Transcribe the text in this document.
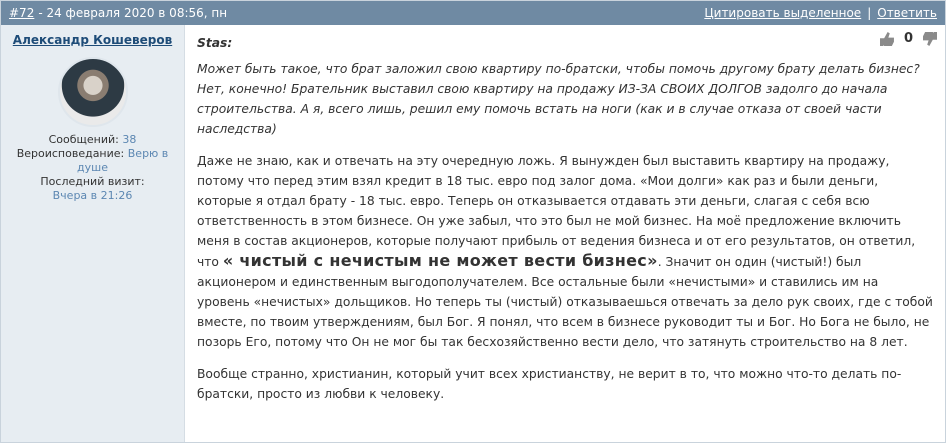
#72 - 24 февраля 2020 в 08:56, пн	Цитировать выделенное | Ответить
Александр Кошеверов
Сообщений: 38
Вероисповедание: Верю в душе
Последний визит:
Вчера в 21:26
0
Stas:
Может быть такое, что брат заложил свою квартиру по-братски, чтобы помочь другому брату делать бизнес? Нет, конечно! Брательник выставил свою квартиру на продажу ИЗ-ЗА СВОИХ ДОЛГОВ задолго до начала строительства. А я, всего лишь, решил ему помочь встать на ноги (как и в случае отказа от своей части наследства)

Даже не знаю, как и отвечать на эту очередную ложь. Я вынужден был выставить квартиру на продажу, потому что перед этим взял кредит в 18 тыс. евро под залог дома. «Мои долги» как раз и были деньги, которые я отдал брату - 18 тыс. евро. Теперь он отказывается отдавать эти деньги, слагая с себя всю ответственность в этом бизнесе. Он уже забыл, что это был не мой бизнес. На моё предложение включить меня в состав акционеров, которые получают прибыль от ведения бизнеса и от его результатов, он ответил, что « чистый с нечистым не может вести бизнес». Значит он один (чистый!) был акционером и единственным выгодополучателем. Все остальные были «нечистыми» и ставились им на уровень «нечистых» дольщиков. Но теперь ты (чистый) отказываешься отвечать за дело рук своих, где с тобой вместе, по твоим утверждениям, был Бог. Я понял, что всем в бизнесе руководит ты и Бог. Но Бога не было, не позорь Его, потому что Он не мог бы так бесхозяйственно вести дело, что затянуть строительство на 8 лет.

Вообще странно, христианин, который учит всех христианству, не верит в то, что можно что-то делать по-братски, просто из любви к человеку.
